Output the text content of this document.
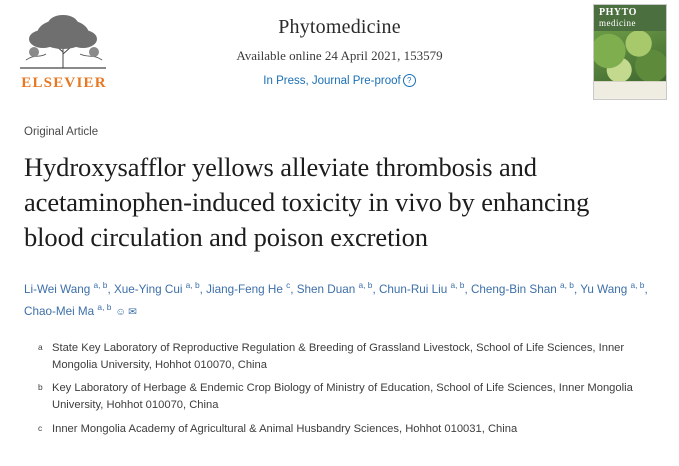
ELSEVIER
Phytomedicine
Available online 24 April 2021, 153579
In Press, Journal Pre-proof ?
PHYTO
medicine
Original Article
Hydroxysafflor yellows alleviate thrombosis and acetaminophen-induced toxicity in vivo by enhancing blood circulation and poison excretion
Li-Wei Wang $^{a, b}$, Xue-Ying Cui $^{a, b}$, Jiang-Feng He $^c$, Shen Duan $^{a, b}$, Chun-Rui Liu $^{a, b}$, Cheng-Bin Shan $^{a, b}$, Yu Wang $^{a, b}$, Chao-Mei Ma $^{a, b}$ ☺✉
a State Key Laboratory of Reproductive Regulation & Breeding of Grassland Livestock, School of Life Sciences, Inner Mongolia University, Hohhot 010070, China
b Key Laboratory of Herbage & Endemic Crop Biology of Ministry of Education, School of Life Sciences, Inner Mongolia University, Hohhot 010070, China
c Inner Mongolia Academy of Agricultural & Animal Husbandry Sciences, Hohhot 010031, China
